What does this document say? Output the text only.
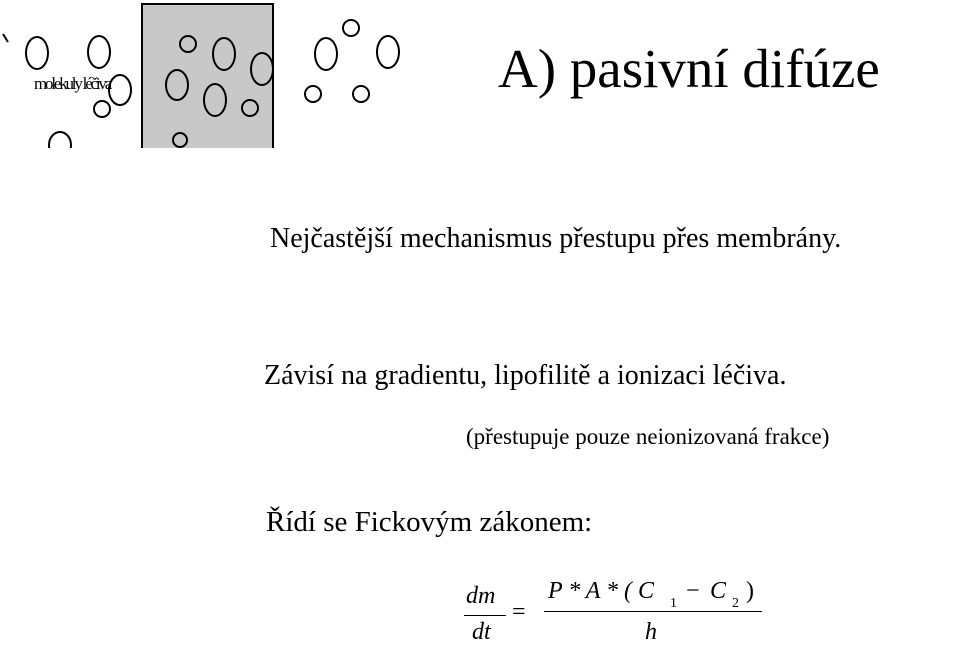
molekuly léčiva	A) pasivní difúze
Nejčastější mechanismus přestupu přes membrány.
Závisí na gradientu, lipofilitě a ionizaci léčiva.
(přestupuje pouze neionizovaná frakce)
Řídí se Fickovým zákonem:
dm
dt
=
P * A * ( C 1 − C 2 )
h
